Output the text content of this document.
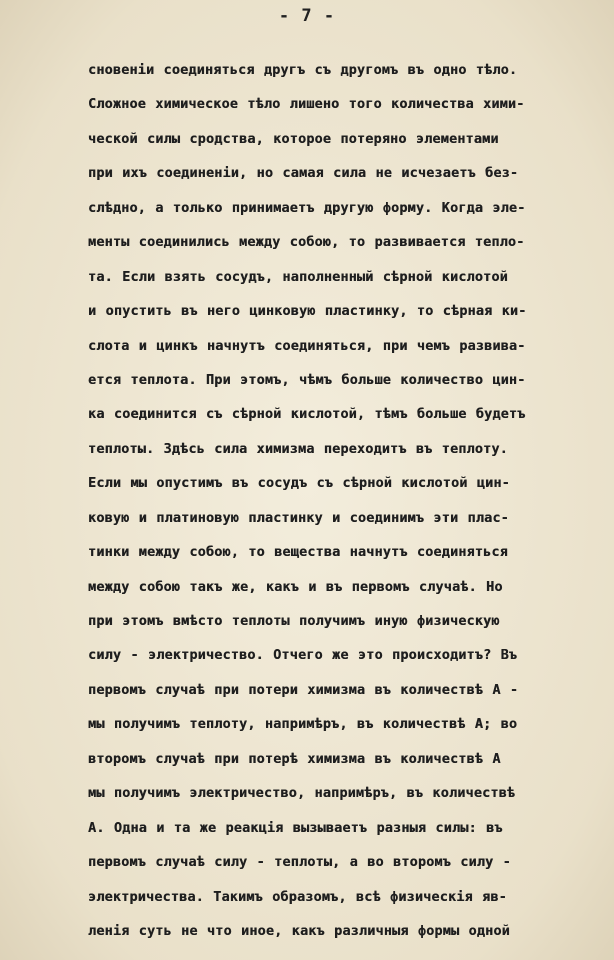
- 7 -
сновенiи соединяться другъ съ другомъ въ одно тѣло.
Сложное химическое тѣло лишено того количества хими-
ческой силы сродства, которое потеряно элементами
при ихъ соединенiи, но самая сила не исчезаетъ без-
слѣдно, а только принимаетъ другую форму. Когда эле-
менты соединились между собою, то развивается тепло-
та. Если взять сосудъ, наполненный сѣрной кислотой
и опустить въ него цинковую пластинку, то сѣрная ки-
слота и цинкъ начнутъ соединяться, при чемъ развива-
ется теплота. При этомъ, чѣмъ больше количество цин-
ка соединится съ сѣрной кислотой, тѣмъ больше будетъ
теплоты. Здѣсь сила химизма переходитъ въ теплоту.
Если мы опустимъ въ сосудъ съ сѣрной кислотой цин-
ковую и платиновую пластинку и соединимъ эти плас-
тинки между собою, то вещества начнутъ соединяться
между собою такъ же, какъ и въ первомъ случаѣ. Но
при этомъ вмѣсто теплоты получимъ иную физическую
силу - электричество. Отчего же это происходитъ? Въ
первомъ случаѣ при потери химизма въ количествѣ А -
мы получимъ теплоту, напримѣръ, въ количествѣ А; во
второмъ случаѣ при потерѣ химизма въ количествѣ А
мы получимъ электричество, напримѣръ, въ количествѣ
А. Одна и та же реакцiя вызываетъ разныя силы: въ
первомъ случаѣ силу - теплоты, а во второмъ силу -
электричества. Такимъ образомъ, всѣ физическiя яв-
ленiя суть не что иное, какъ различныя формы одной
